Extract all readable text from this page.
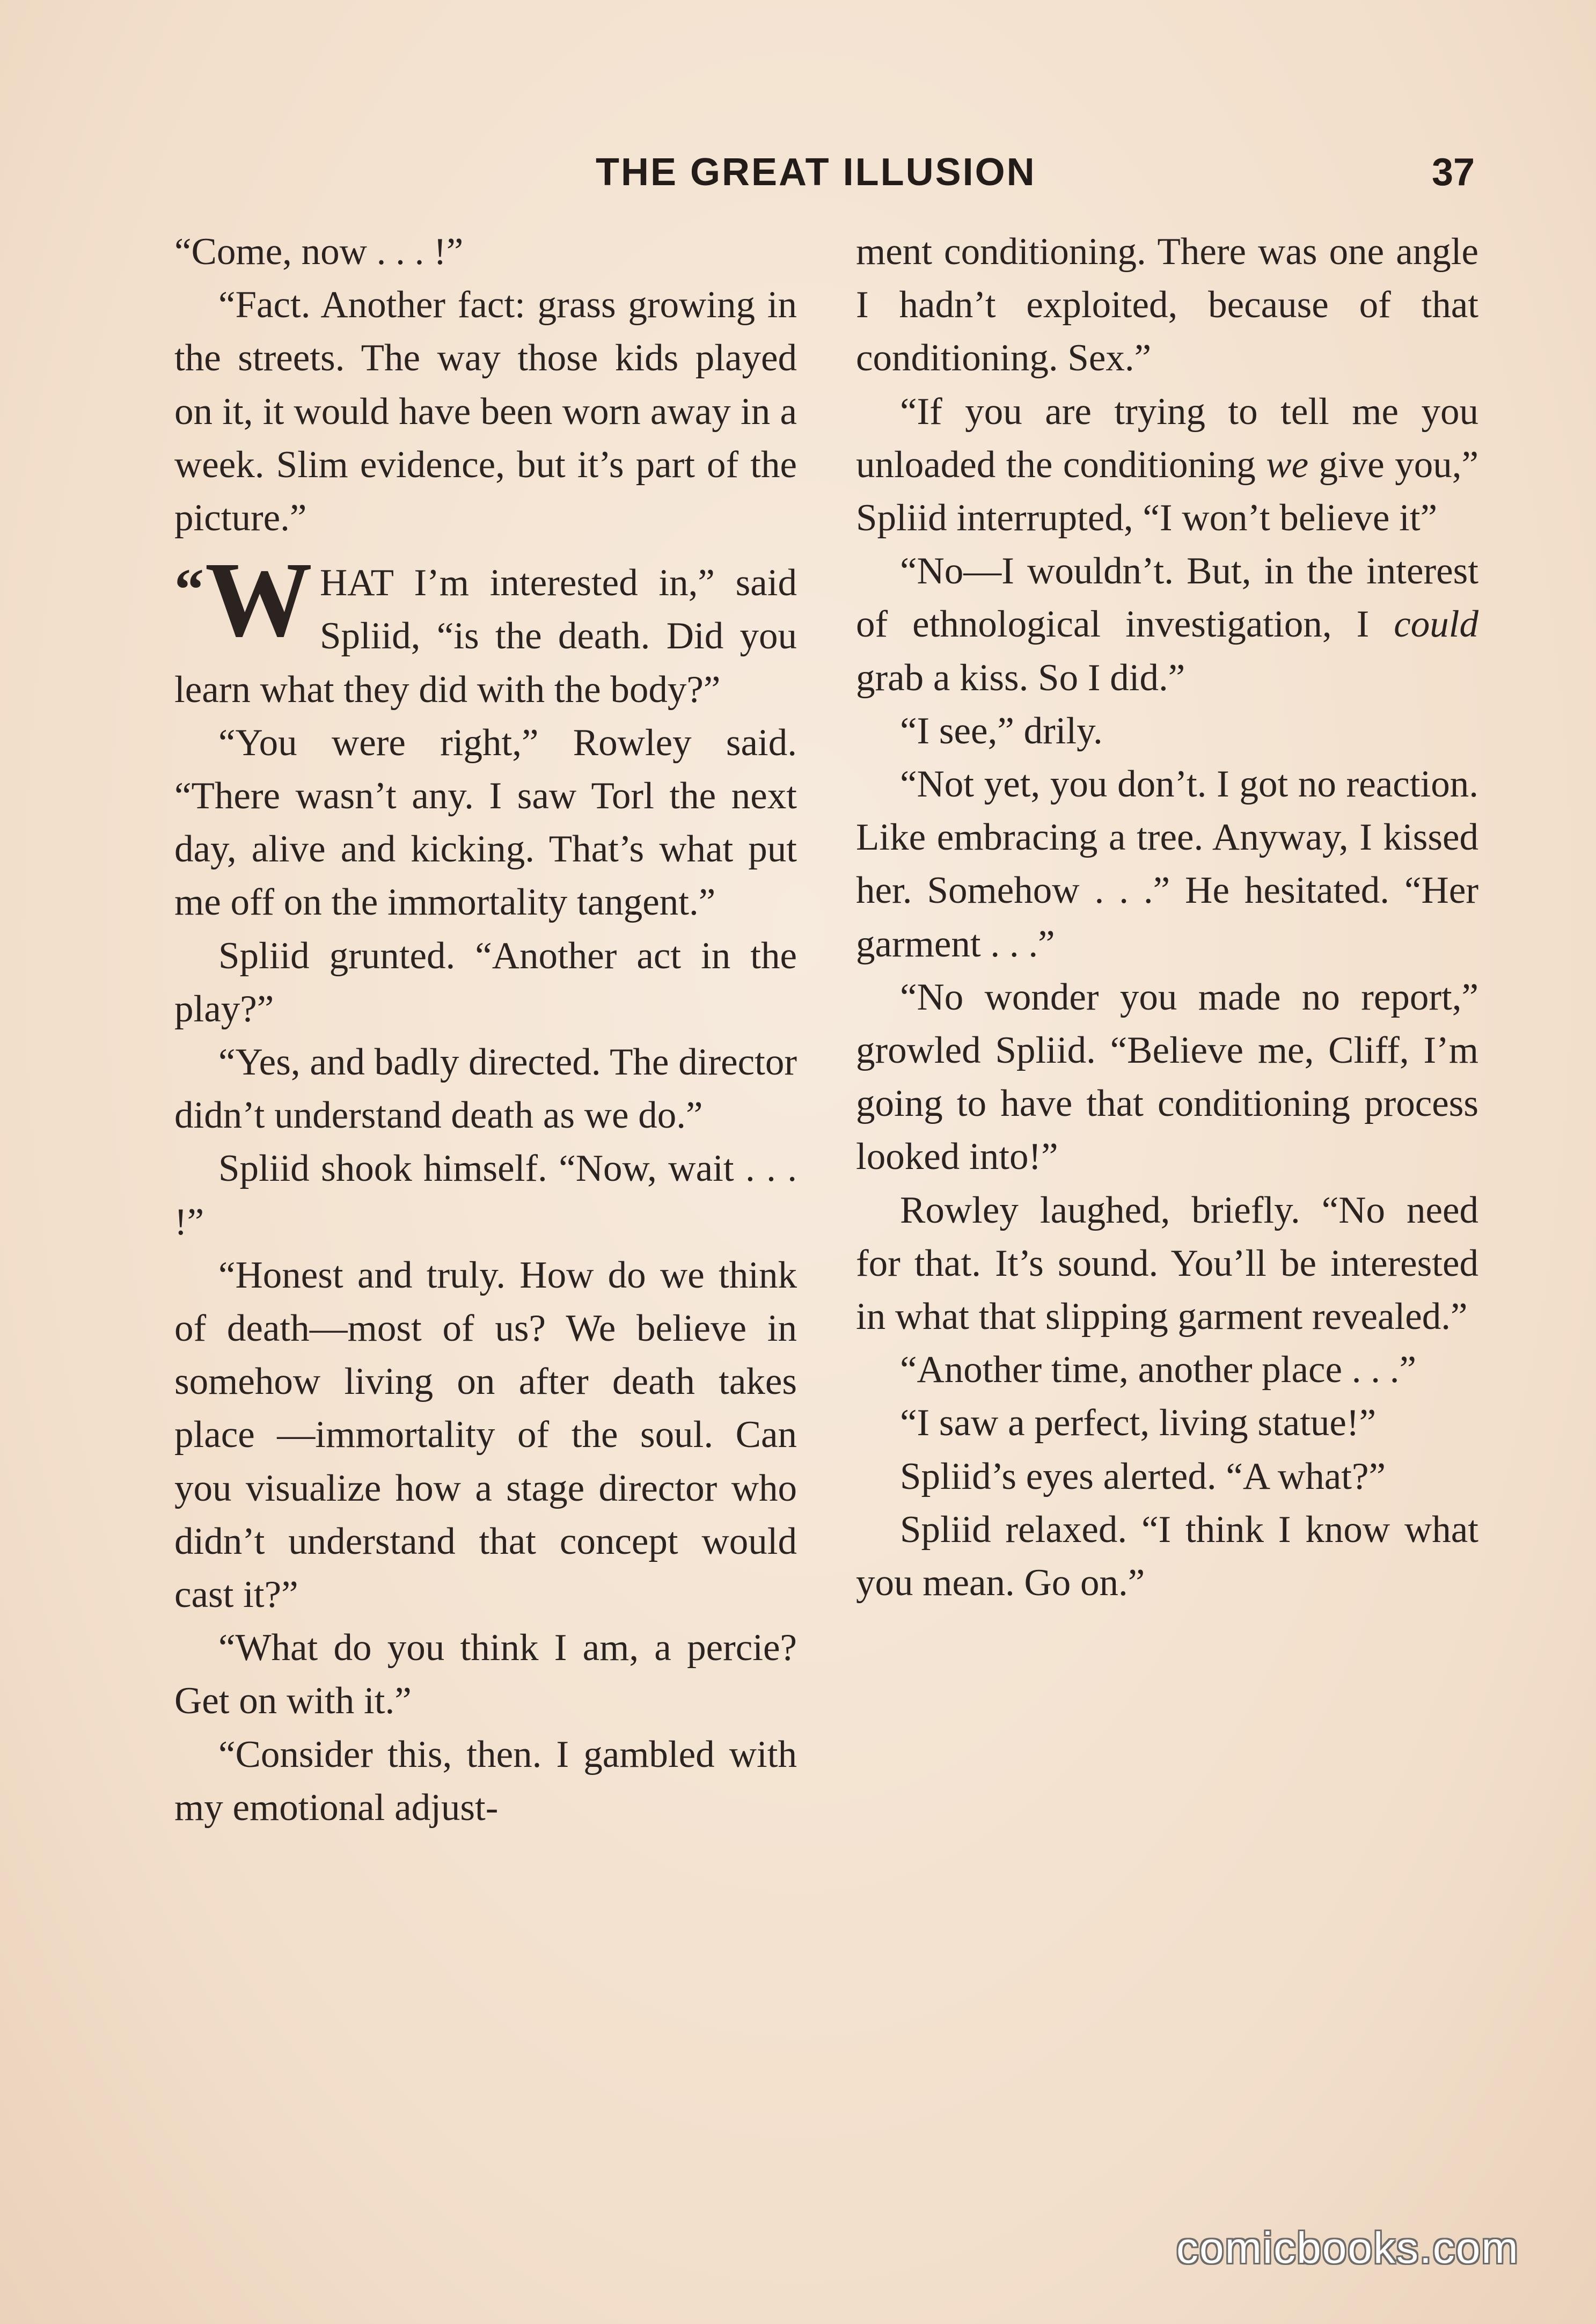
THE GREAT ILLUSION	37

“Come, now . . . !”

“Fact. Another fact: grass growing in the streets. The way those kids played on it, it would have been worn away in a week. Slim evidence, but it’s part of the picture.”

“W HAT I’m interested in,” said Spliid, “is the death. Did you learn what they did with the body?”

“You were right,” Rowley said. “There wasn’t any. I saw Torl the next day, alive and kicking. That’s what put me off on the immortality tangent.”

Spliid grunted. “Another act in the play?”

“Yes, and badly directed. The director didn’t understand death as we do.”

Spliid shook himself. “Now, wait . . . !”

“Honest and truly. How do we think of death—most of us? We believe in somehow living on after death takes place —immortality of the soul. Can you visualize how a stage director who didn’t understand that concept would cast it?”

“What do you think I am, a percie? Get on with it.”

“Consider this, then. I gambled with my emotional adjust-

ment conditioning. There was one angle I hadn’t exploited, because of that conditioning. Sex.”

“If you are trying to tell me you unloaded the conditioning we give you,” Spliid interrupted, “I won’t believe it”

“No—I wouldn’t. But, in the interest of ethnological investigation, I could grab a kiss. So I did.”

“I see,” drily.

“Not yet, you don’t. I got no reaction. Like embracing a tree. Anyway, I kissed her. Somehow . . .” He hesitated. “Her garment . . .”

“No wonder you made no report,” growled Spliid. “Believe me, Cliff, I’m going to have that conditioning process looked into!”

Rowley laughed, briefly. “No need for that. It’s sound. You’ll be interested in what that slipping garment revealed.”

“Another time, another place . . .”

“I saw a perfect, living statue!”

Spliid’s eyes alerted. “A what?”

Spliid relaxed. “I think I know what you mean. Go on.”

comicbooks.com
